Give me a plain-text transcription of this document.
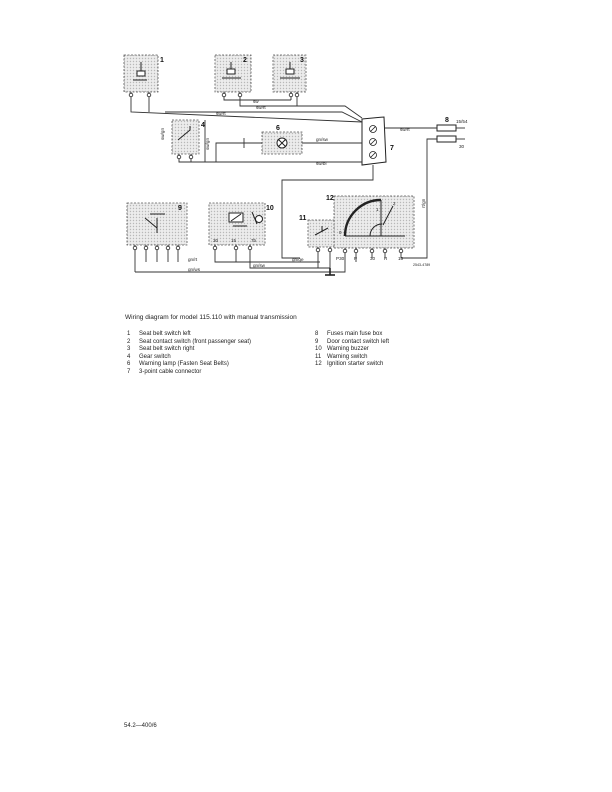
1	2	3
4	6
7
8
9	10
11
12
sw
sw/rt
sw/rt
sw/rt
gn/sw
sw/bl
gn/rt
gn/sw
gn/ge
gn/ws
sw/gn
sw/gn
rt/gn
15/54
30
30	15	7b
0
1
2
P30 P	30 R 15
2543-4789
Wiring diagram for model 115.110 with manual transmission
1	Seat belt switch left
2	Seat contact switch (front passenger seat)
3	Seat belt switch right
4	Gear switch
6	Warning lamp (Fasten Seat Belts)
7	3-point cable connector
8	Fuses main fuse box
9	Door contact switch left
10 Warning buzzer
11 Warning switch
12 Ignition starter switch
54.2—400/6
